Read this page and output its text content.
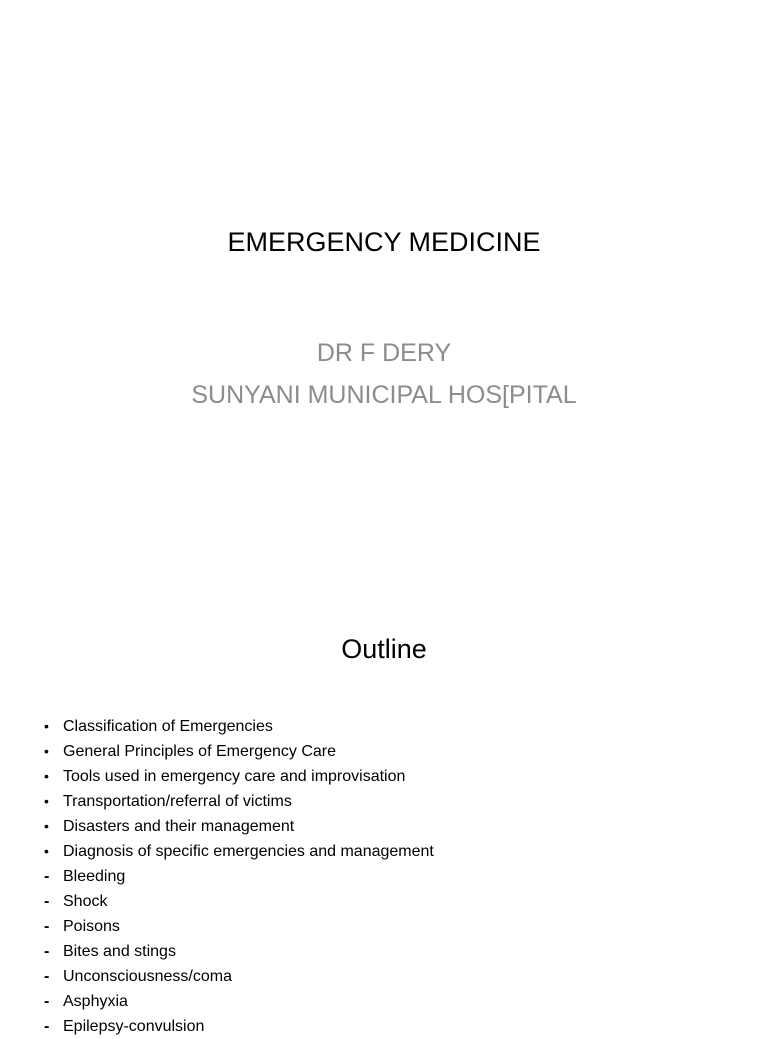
EMERGENCY MEDICINE
DR F DERY
SUNYANI MUNICIPAL HOS[PITAL
Outline
• Classification of Emergencies
• General Principles of Emergency Care
• Tools used in emergency care and improvisation
• Transportation/referral of victims
• Disasters and their management
• Diagnosis of specific emergencies and management
- Bleeding
- Shock
- Poisons
- Bites and stings
- Unconsciousness/coma
- Asphyxia
- Epilepsy-convulsion
